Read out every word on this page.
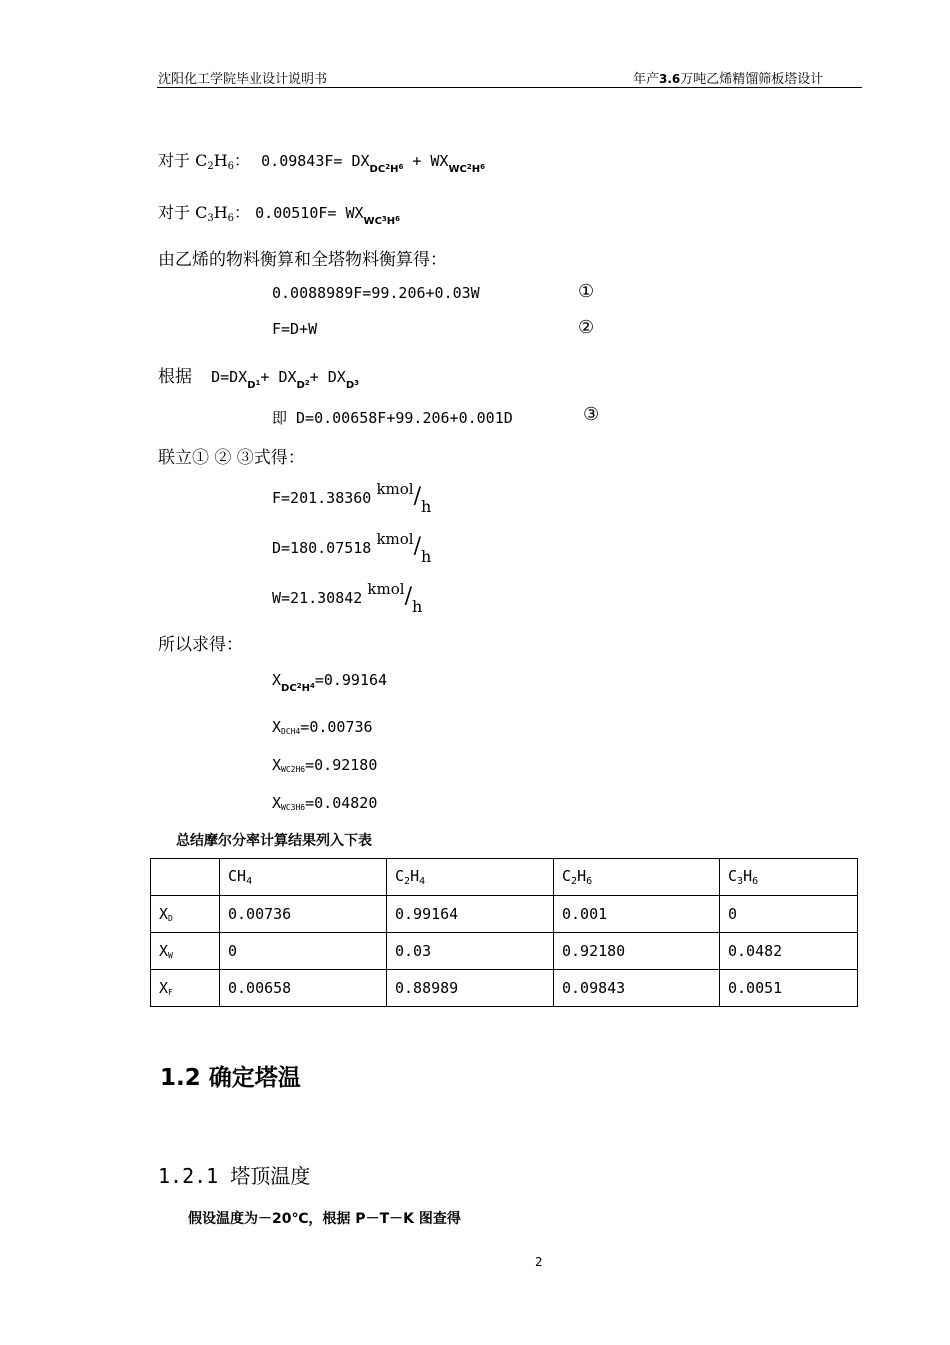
沈阳化工学院毕业设计说明书	年产3.6万吨乙烯精馏筛板塔设计
对于 C2H6： $0.09843F= DX_{DC}2_H6 + WX_{WC}2_H6$
对于 C3H6： $0.00510F= WX_{WC}3_H6$
由乙烯的物料衡算和全塔物料衡算得：
0.0088989F=99.206+0.03W	①
F=D+W	②
根据 $D=DX_D1+ DX_D2+ DX_D3$
即 D=0.00658F+99.206+0.001D	③
联立① ② ③式得：
F=201.38360 kmol/h
D=180.07518 kmol/h
W=21.30842 kmol/h
所以求得：
$X_{DC2H4}=0.99164$
XDCH4=0.00736
XWC2H6=0.92180
XWC3H6=0.04820
总结摩尔分率计算结果列入下表
	$CH_4$	$C_2H_4$	$C_2H_6$	$C_3H_6$
XD	0.00736	0.99164	0.001	0
XW	0	0.03	0.92180	0.0482
XF	0.00658	0.88989	0.09843	0.0051
1.2 确定塔温
1.2.1 塔顶温度
假设温度为－20℃，根据 P－T－K 图查得
2
